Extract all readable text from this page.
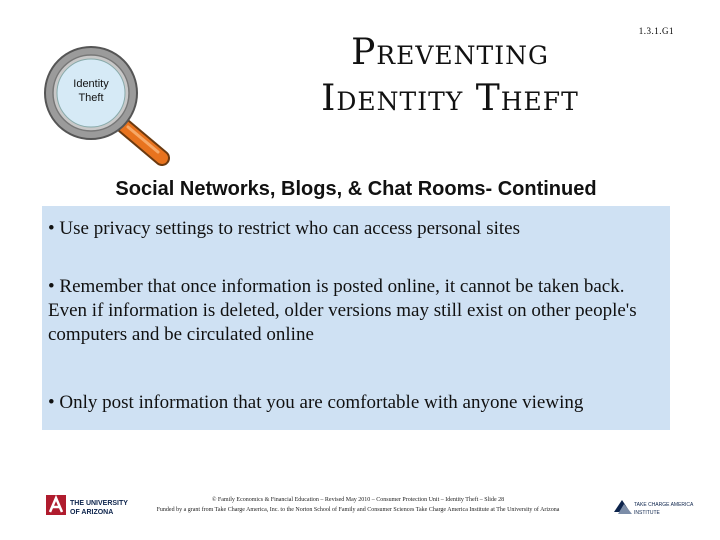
1.3.1.G1
Identity
Theft
Preventing
Identity Theft
Social Networks, Blogs, & Chat Rooms- Continued
• Use privacy settings to restrict who can access personal sites
• Remember that once information is posted online, it cannot be taken back. Even if information is deleted, older versions may still exist on other people's computers and be circulated online
• Only post information that you are comfortable with anyone viewing
THE UNIVERSITY
OF ARIZONA
© Family Economics & Financial Education – Revised May 2010 – Consumer Protection Unit – Identity Theft – Slide 28
Funded by a grant from Take Charge America, Inc. to the Norton School of Family and Consumer Sciences Take Charge America Institute at The University of Arizona
TAKE CHARGE AMERICA
INSTITUTE
